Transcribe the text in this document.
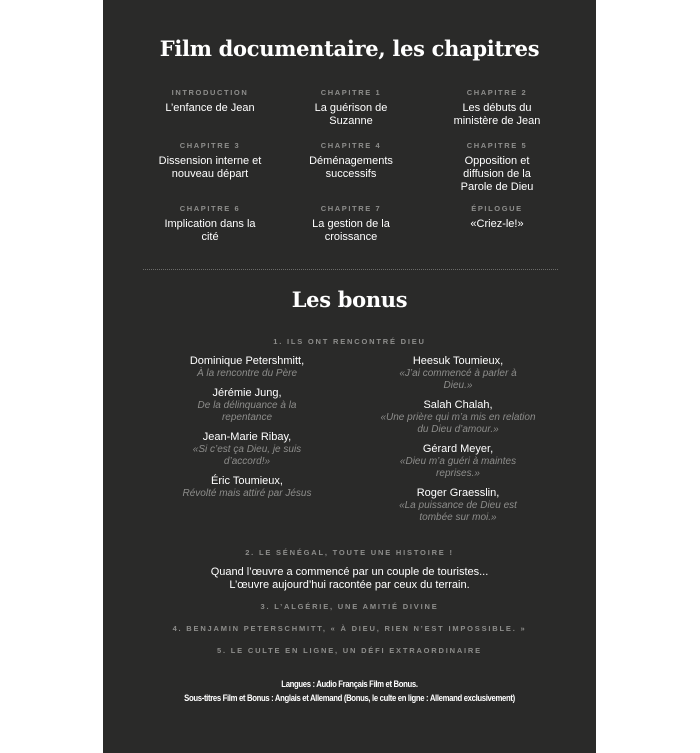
Film documentaire, les chapitres
INTRODUCTION
L’enfance de Jean
CHAPITRE 1
La guérison de Suzanne
CHAPITRE 2
Les débuts du ministère de Jean
CHAPITRE 3
Dissension interne et nouveau départ
CHAPITRE 4
Déménagements successifs
CHAPITRE 5
Opposition et diffusion de la Parole de Dieu
CHAPITRE 6
Implication dans la cité
CHAPITRE 7
La gestion de la croissance
ÉPILOGUE
«Criez-le!»
Les bonus
1. ILS ONT RENCONTRÉ DIEU
Dominique Petershmitt,
À la rencontre du Père
Jérémie Jung,
De la délinquance à la repentance
Jean-Marie Ribay,
«Si c’est ça Dieu, je suis d’accord!»
Éric Toumieux,
Révolté mais attiré par Jésus
Heesuk Toumieux,
«J’ai commencé à parler à Dieu.»
Salah Chalah,
«Une prière qui m’a mis en relation du Dieu d’amour.»
Gérard Meyer,
«Dieu m’a guéri à maintes reprises.»
Roger Graesslin,
«La puissance de Dieu est tombée sur moi.»
2. LE SÉNÉGAL, TOUTE UNE HISTOIRE !
Quand l’œuvre a commencé par un couple de touristes...
L’œuvre aujourd’hui racontée par ceux du terrain.
3. L’ALGÉRIE, UNE AMITIÉ DIVINE
4. BENJAMIN PETERSCHMITT, « À DIEU, RIEN N’EST IMPOSSIBLE. »
5. LE CULTE EN LIGNE, UN DÉFI EXTRAORDINAIRE
Langues : Audio Français Film et Bonus.
Sous-titres Film et Bonus : Anglais et Allemand (Bonus, le culte en ligne : Allemand exclusivement)
